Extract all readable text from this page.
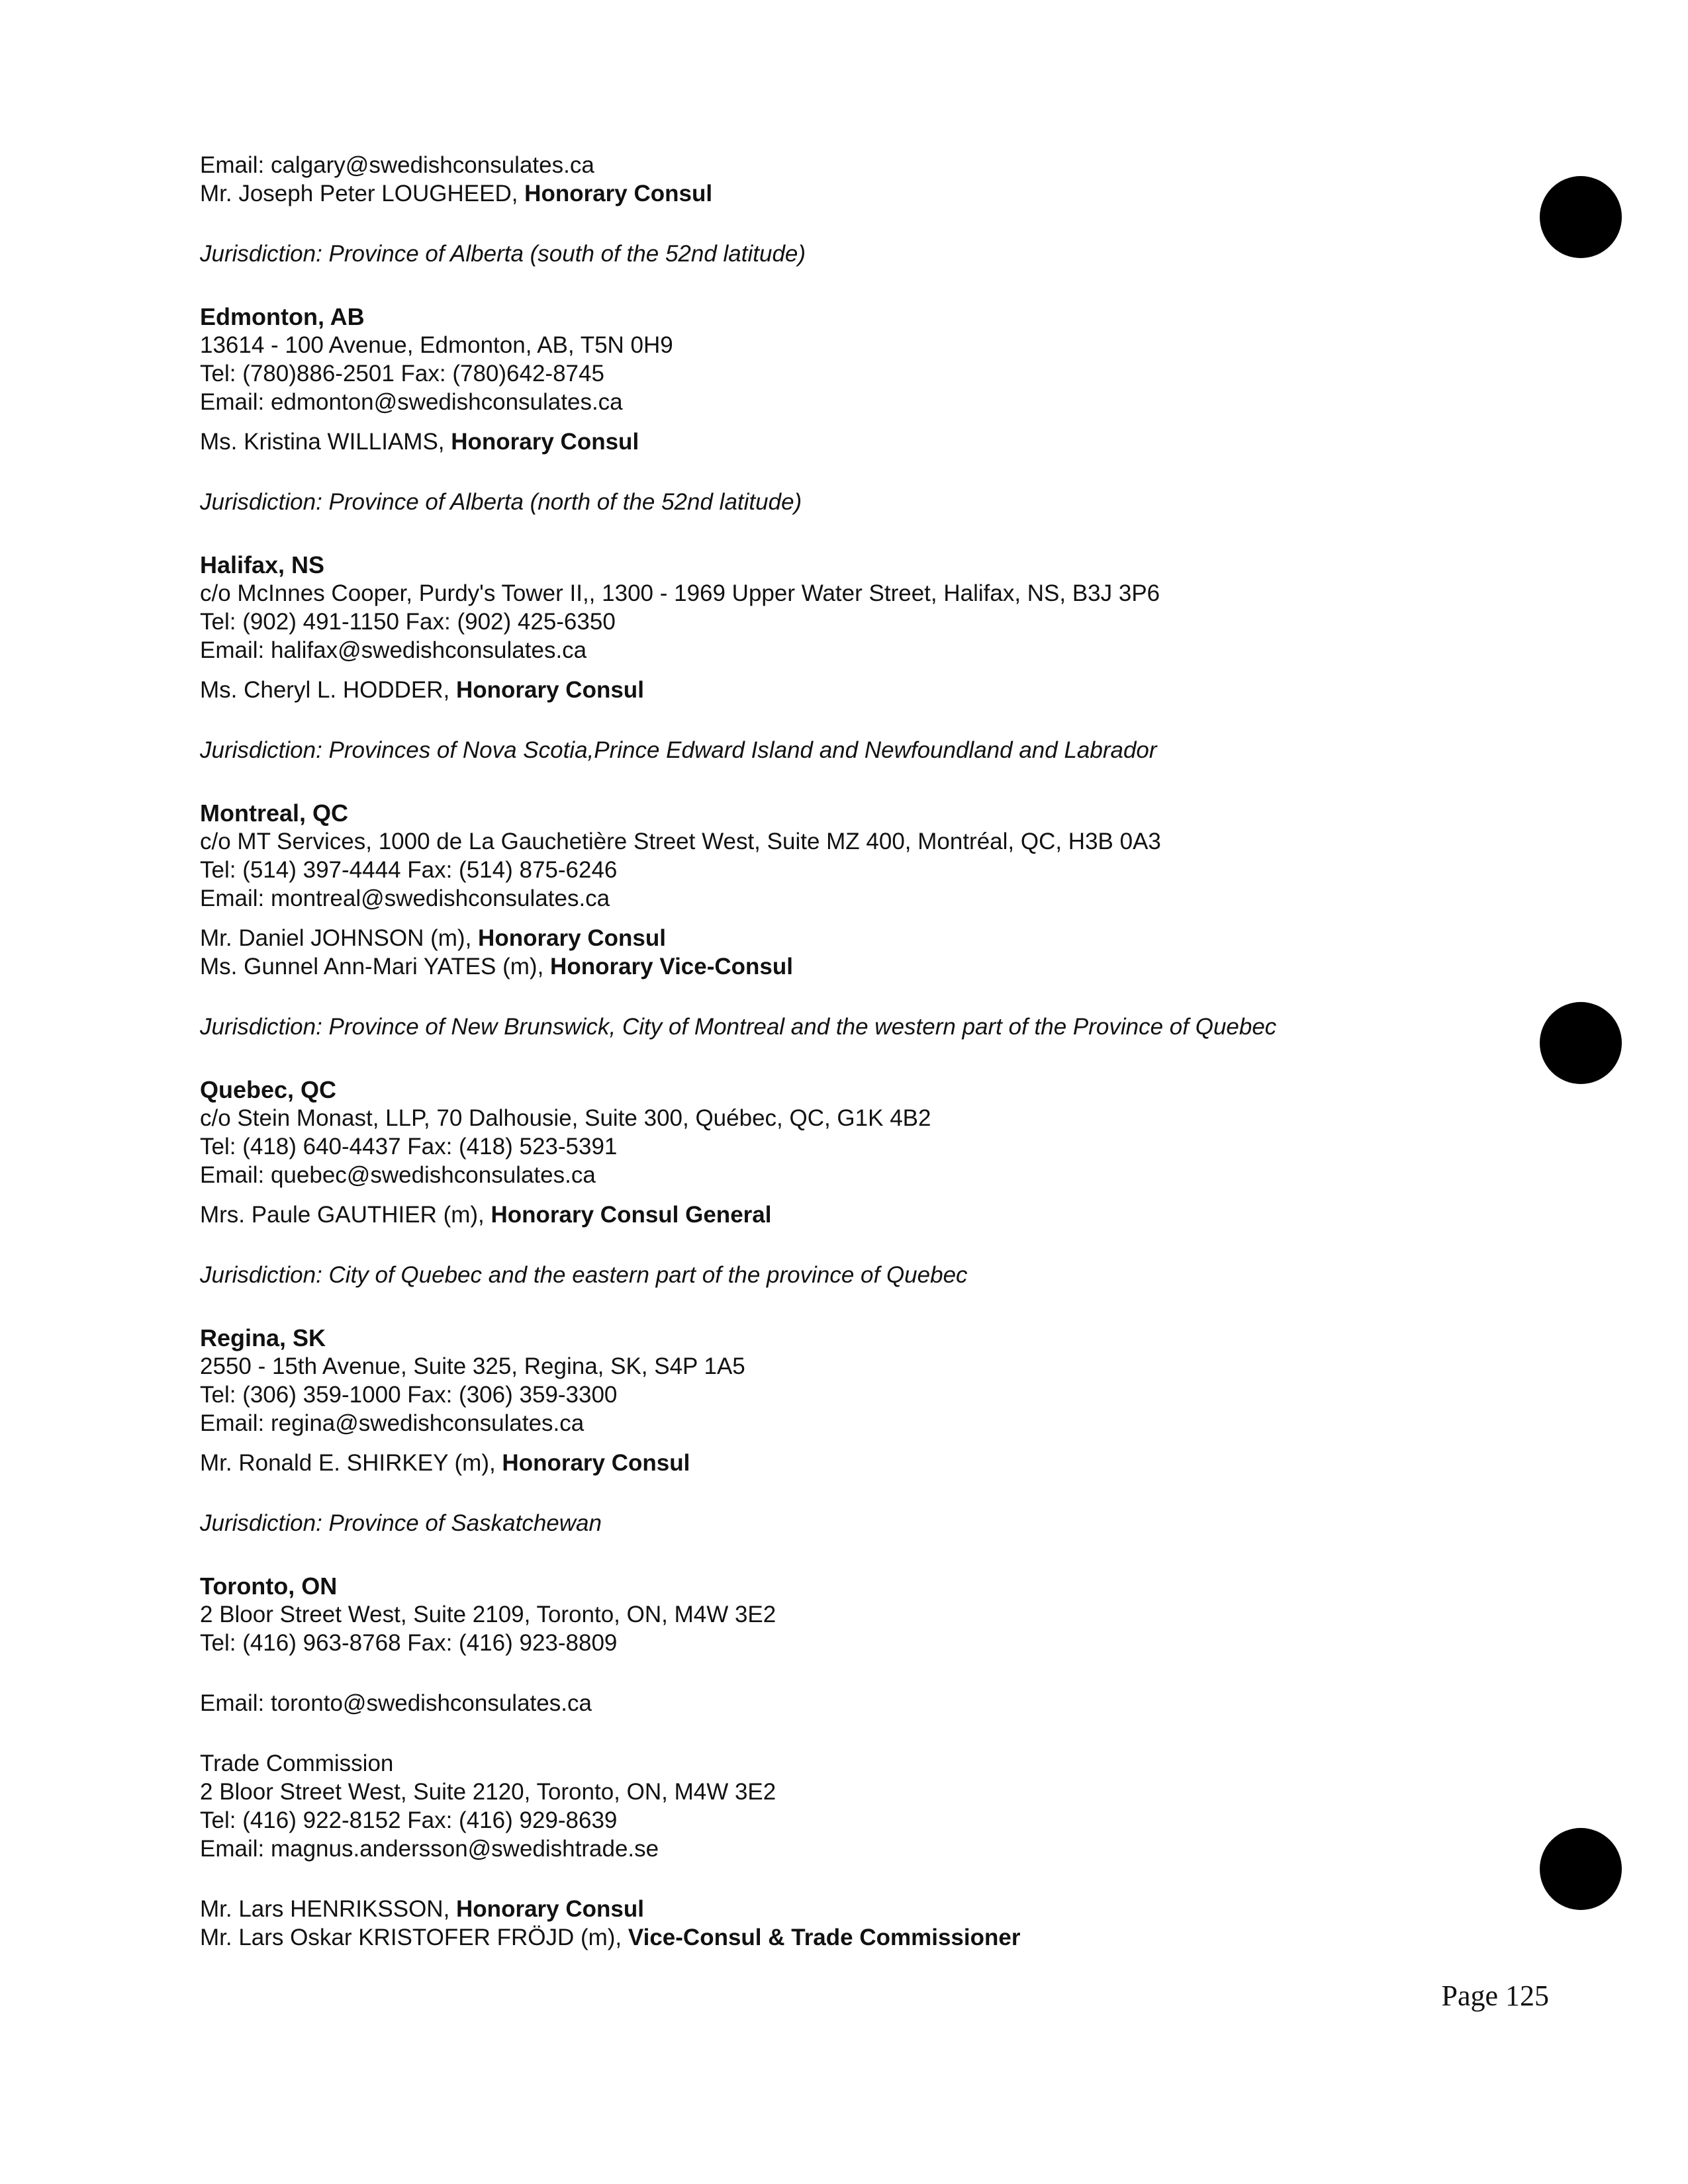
Email: calgary@swedishconsulates.ca
Mr. Joseph Peter LOUGHEED, Honorary Consul
Jurisdiction: Province of Alberta (south of the 52nd latitude)
Edmonton, AB
13614 - 100 Avenue, Edmonton, AB, T5N 0H9
Tel: (780)886-2501 Fax: (780)642-8745
Email: edmonton@swedishconsulates.ca
Ms. Kristina WILLIAMS, Honorary Consul
Jurisdiction: Province of Alberta (north of the 52nd latitude)
Halifax, NS
c/o McInnes Cooper, Purdy's Tower II,, 1300 - 1969 Upper Water Street, Halifax, NS, B3J 3P6
Tel: (902) 491-1150 Fax: (902) 425-6350
Email: halifax@swedishconsulates.ca
Ms. Cheryl L. HODDER, Honorary Consul
Jurisdiction: Provinces of Nova Scotia,Prince Edward Island and Newfoundland and Labrador
Montreal, QC
c/o MT Services, 1000 de La Gauchetière Street West, Suite MZ 400, Montréal, QC, H3B 0A3
Tel: (514) 397-4444 Fax: (514) 875-6246
Email: montreal@swedishconsulates.ca
Mr. Daniel JOHNSON (m), Honorary Consul
Ms. Gunnel Ann-Mari YATES (m), Honorary Vice-Consul
Jurisdiction: Province of New Brunswick, City of Montreal and the western part of the Province of Quebec
Quebec, QC
c/o Stein Monast, LLP, 70 Dalhousie, Suite 300, Québec, QC, G1K 4B2
Tel: (418) 640-4437 Fax: (418) 523-5391
Email: quebec@swedishconsulates.ca
Mrs. Paule GAUTHIER (m), Honorary Consul General
Jurisdiction: City of Quebec and the eastern part of the province of Quebec
Regina, SK
2550 - 15th Avenue, Suite 325, Regina, SK, S4P 1A5
Tel: (306) 359-1000 Fax: (306) 359-3300
Email: regina@swedishconsulates.ca
Mr. Ronald E. SHIRKEY (m), Honorary Consul
Jurisdiction: Province of Saskatchewan
Toronto, ON
2 Bloor Street West, Suite 2109, Toronto, ON, M4W 3E2
Tel: (416) 963-8768 Fax: (416) 923-8809
Email: toronto@swedishconsulates.ca
Trade Commission
2 Bloor Street West, Suite 2120, Toronto, ON, M4W 3E2
Tel: (416) 922-8152 Fax: (416) 929-8639
Email: magnus.andersson@swedishtrade.se
Mr. Lars HENRIKSSON, Honorary Consul
Mr. Lars Oskar KRISTOFER FRÖJD (m), Vice-Consul & Trade Commissioner
Page 125
